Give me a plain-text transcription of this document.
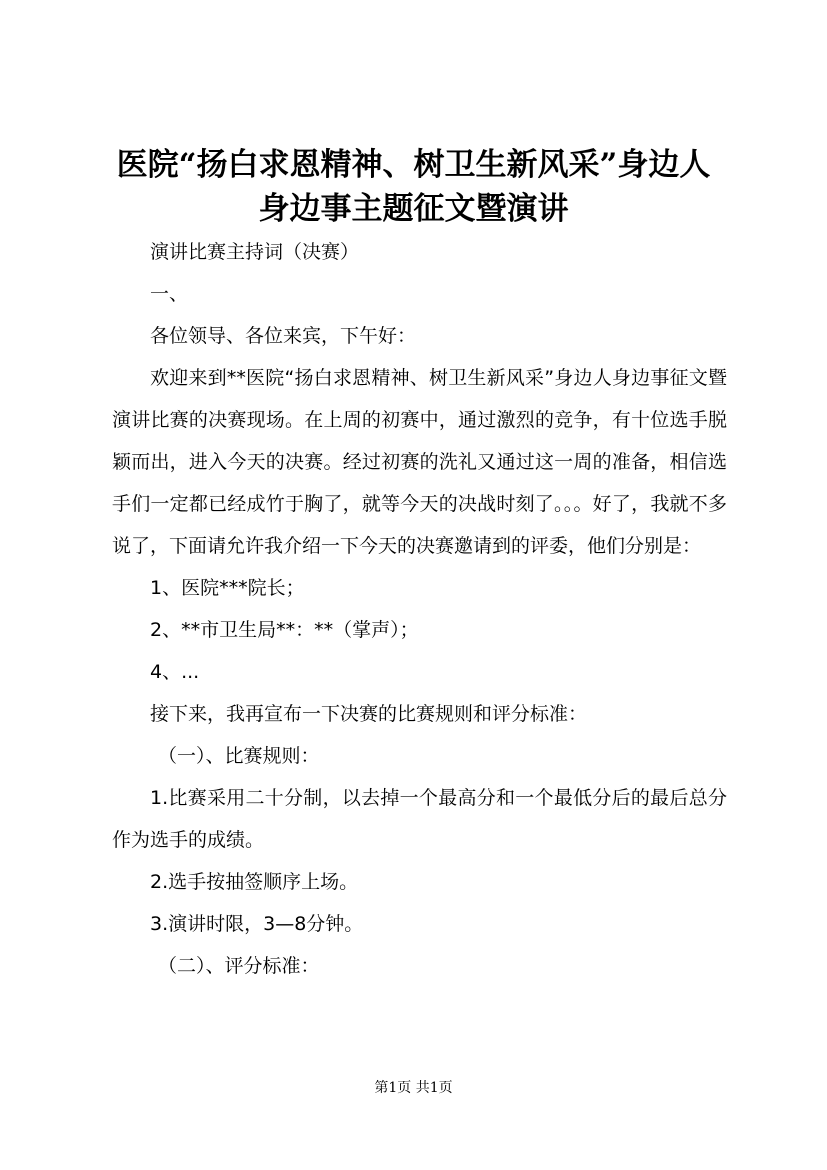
医院“扬白求恩精神、树卫生新风采”身边人
身边事主题征文暨演讲

演讲比赛主持词（决赛）

一、

各位领导、各位来宾，下午好：

欢迎来到**医院“扬白求恩精神、树卫生新风采”身边人身边事征文暨演讲比赛的决赛现场。在上周的初赛中，通过激烈的竞争，有十位选手脱颖而出，进入今天的决赛。经过初赛的洗礼又通过这一周的准备，相信选手们一定都已经成竹于胸了，就等今天的决战时刻了。。。好了，我就不多说了，下面请允许我介绍一下今天的决赛邀请到的评委，他们分别是：

1、医院***院长；

2、**市卫生局**：**（掌声）；

4、...

接下来，我再宣布一下决赛的比赛规则和评分标准：

（一）、比赛规则：

1.比赛采用二十分制，以去掉一个最高分和一个最低分后的最后总分作为选手的成绩。

2.选手按抽签顺序上场。

3.演讲时限，3—8分钟。

（二）、评分标准：

第1页 共1页
